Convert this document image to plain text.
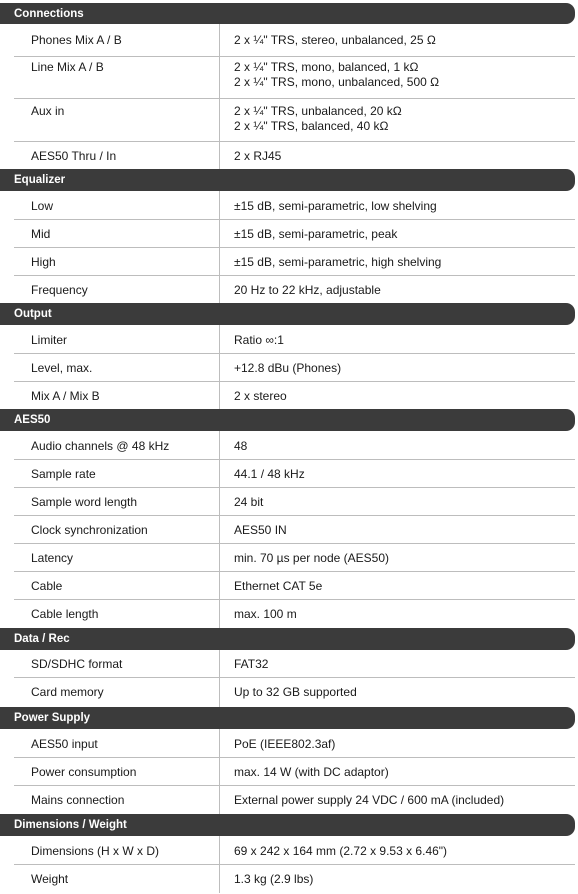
Connections
Phones Mix A / B	2 x ¼" TRS, stereo, unbalanced, 25 Ω
Line Mix A / B	2 x ¼" TRS, mono, balanced, 1 kΩ
2 x ¼" TRS, mono, unbalanced, 500 Ω
Aux in	2 x ¼" TRS, unbalanced, 20 kΩ
2 x ¼" TRS, balanced, 40 kΩ
AES50 Thru / In	2 x RJ45
Equalizer
Low	±15 dB, semi-parametric, low shelving
Mid	±15 dB, semi-parametric, peak
High	±15 dB, semi-parametric, high shelving
Frequency	20 Hz to 22 kHz, adjustable
Output
Limiter	Ratio ∞:1
Level, max.	+12.8 dBu (Phones)
Mix A / Mix B	2 x stereo
AES50
Audio channels @ 48 kHz	48
Sample rate	44.1 / 48 kHz
Sample word length	24 bit
Clock synchronization	AES50 IN
Latency	min. 70 µs per node (AES50)
Cable	Ethernet CAT 5e
Cable length	max. 100 m
Data / Rec
SD/SDHC format	FAT32
Card memory	Up to 32 GB supported
Power Supply
AES50 input	PoE (IEEE802.3af)
Power consumption	max. 14 W (with DC adaptor)
Mains connection	External power supply 24 VDC / 600 mA (included)
Dimensions / Weight
Dimensions (H x W x D)	69 x 242 x 164 mm (2.72 x 9.53 x 6.46")
Weight	1.3 kg (2.9 lbs)
